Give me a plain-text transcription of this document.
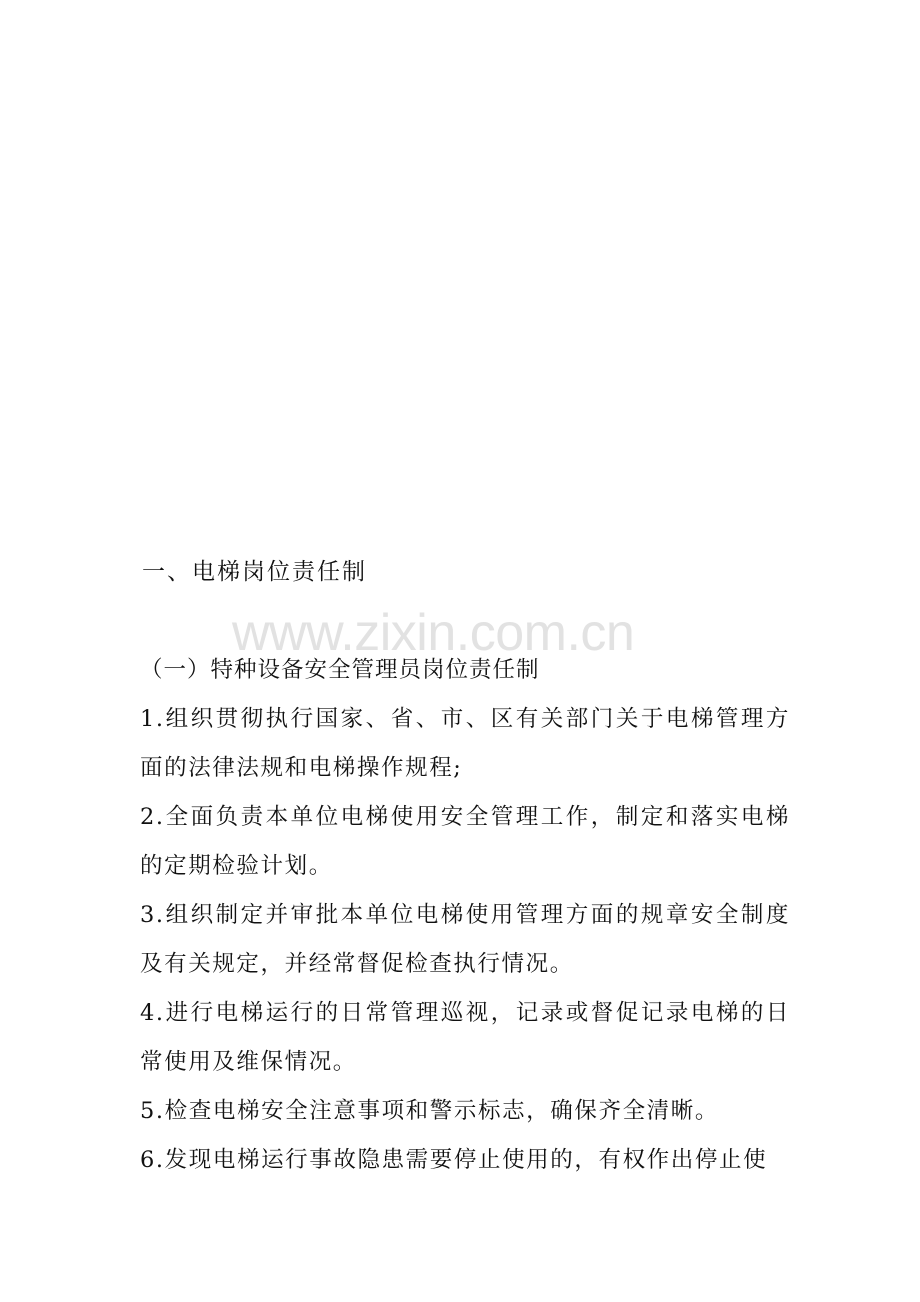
www.zixin.com.cn
一、电梯岗位责任制
（一）特种设备安全管理员岗位责任制

1.组织贯彻执行国家、省、市、区有关部门关于电梯管理方面的法律法规和电梯操作规程;

2.全面负责本单位电梯使用安全管理工作，制定和落实电梯的定期检验计划。

3.组织制定并审批本单位电梯使用管理方面的规章安全制度及有关规定，并经常督促检查执行情况。

4.进行电梯运行的日常管理巡视，记录或督促记录电梯的日常使用及维保情况。

5.检查电梯安全注意事项和警示标志，确保齐全清晰。

6.发现电梯运行事故隐患需要停止使用的，有权作出停止使
